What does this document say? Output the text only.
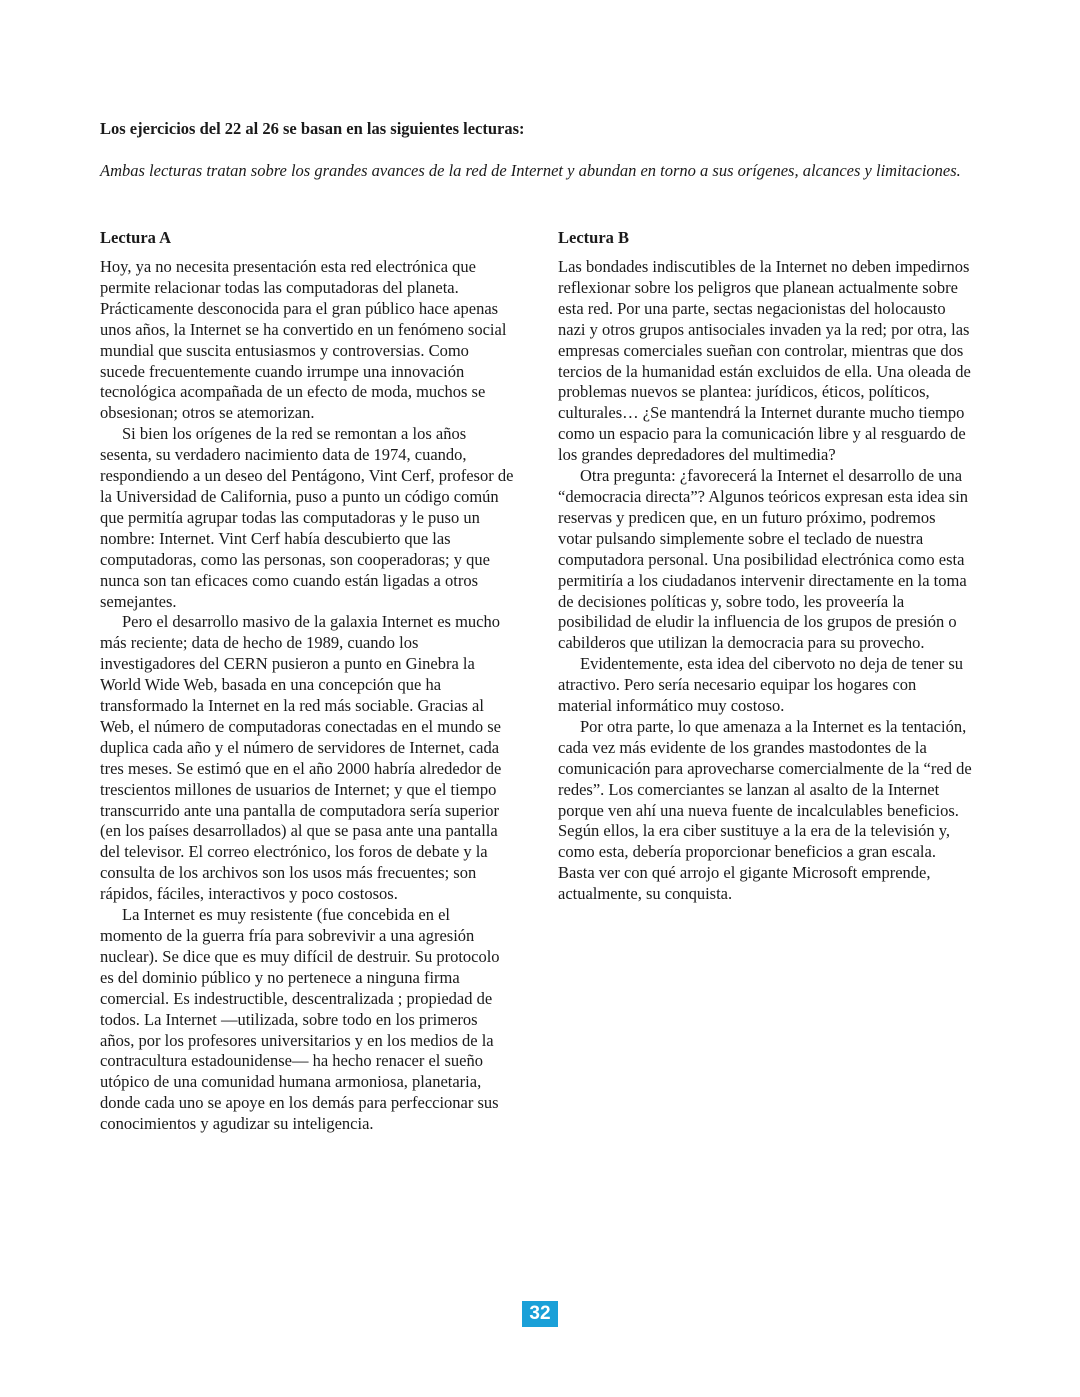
Los ejercicios del 22 al 26 se basan en las siguientes lecturas:
Ambas lecturas tratan sobre los grandes avances de la red de Internet y abundan en torno a sus orígenes, alcances y limitaciones.
Lectura A

Hoy, ya no necesita presentación esta red electrónica que permite relacionar todas las computadoras del planeta. Prácticamente desconocida para el gran público hace apenas unos años, la Internet se ha convertido en un fenómeno social mundial que suscita entusiasmos y controversias. Como sucede frecuentemente cuando irrumpe una innovación tecnológica acompañada de un efecto de moda, muchos se obsesionan; otros se atemorizan.

Si bien los orígenes de la red se remontan a los años sesenta, su verdadero nacimiento data de 1974, cuando, respondiendo a un deseo del Pentágono, Vint Cerf, profesor de la Universidad de California, puso a punto un código común que permitía agrupar todas las computadoras y le puso un nombre: Internet. Vint Cerf había descubierto que las computadoras, como las personas, son cooperadoras; y que nunca son tan eficaces como cuando están ligadas a otros semejantes.

Pero el desarrollo masivo de la galaxia Internet es mucho más reciente; data de hecho de 1989, cuando los investigadores del CERN pusieron a punto en Ginebra la World Wide Web, basada en una concepción que ha transformado la Internet en la red más sociable. Gracias al Web, el número de computadoras conectadas en el mundo se duplica cada año y el número de servidores de Internet, cada tres meses. Se estimó que en el año 2000 habría alrededor de trescientos millones de usuarios de Internet; y que el tiempo transcurrido ante una pantalla de computadora sería superior (en los países desarrollados) al que se pasa ante una pantalla del televisor. El correo electrónico, los foros de debate y la consulta de los archivos son los usos más frecuentes; son rápidos, fáciles, interactivos y poco costosos.

La Internet es muy resistente (fue concebida en el momento de la guerra fría para sobrevivir a una agresión nuclear). Se dice que es muy difícil de destruir. Su protocolo es del dominio público y no pertenece a ninguna firma comercial. Es indestructible, descentralizada ; propiedad de todos. La Internet —utilizada, sobre todo en los primeros años, por los profesores universitarios y en los medios de la contracultura estadounidense— ha hecho renacer el sueño utópico de una comunidad humana armoniosa, planetaria, donde cada uno se apoye en los demás para perfeccionar sus conocimientos y agudizar su inteligencia.

Lectura B

Las bondades indiscutibles de la Internet no deben impedirnos reflexionar sobre los peligros que planean actualmente sobre esta red. Por una parte, sectas negacionistas del holocausto nazi y otros grupos antisociales invaden ya la red; por otra, las empresas comerciales sueñan con controlar, mientras que dos tercios de la humanidad están excluidos de ella. Una oleada de problemas nuevos se plantea: jurídicos, éticos, políticos, culturales… ¿Se mantendrá la Internet durante mucho tiempo como un espacio para la comunicación libre y al resguardo de los grandes depredadores del multimedia?

Otra pregunta: ¿favorecerá la Internet el desarrollo de una “democracia directa”? Algunos teóricos expresan esta idea sin reservas y predicen que, en un futuro próximo, podremos votar pulsando simplemente sobre el teclado de nuestra computadora personal. Una posibilidad electrónica como esta permitiría a los ciudadanos intervenir directamente en la toma de decisiones políticas y, sobre todo, les proveería la posibilidad de eludir la influencia de los grupos de presión o cabilderos que utilizan la democracia para su provecho.

Evidentemente, esta idea del cibervoto no deja de tener su atractivo. Pero sería necesario equipar los hogares con material informático muy costoso.

Por otra parte, lo que amenaza a la Internet es la tentación, cada vez más evidente de los grandes mastodontes de la comunicación para aprovecharse comercialmente de la “red de redes”. Los comerciantes se lanzan al asalto de la Internet porque ven ahí una nueva fuente de incalculables beneficios. Según ellos, la era ciber sustituye a la era de la televisión y, como esta, debería proporcionar beneficios a gran escala. Basta ver con qué arrojo el gigante Microsoft emprende, actualmente, su conquista.

32
